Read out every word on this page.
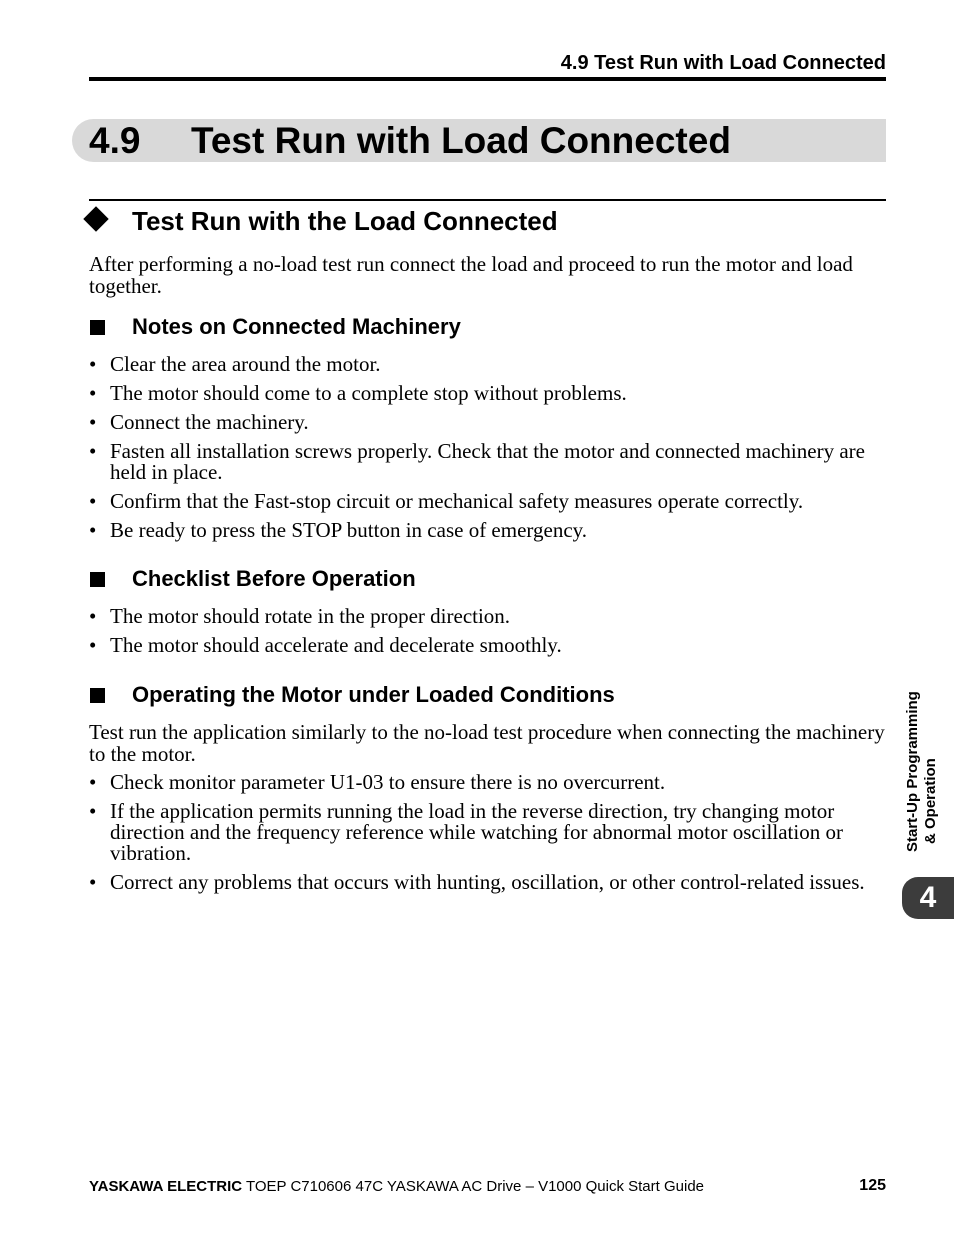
4.9 Test Run with Load Connected
4.9 Test Run with Load Connected
Test Run with the Load Connected

After performing a no-load test run connect the load and proceed to run the motor and load together.

Notes on Connected Machinery
• Clear the area around the motor.
• The motor should come to a complete stop without problems.
• Connect the machinery.
• Fasten all installation screws properly. Check that the motor and connected machinery are held in place.
• Confirm that the Fast-stop circuit or mechanical safety measures operate correctly.
• Be ready to press the STOP button in case of emergency.
Checklist Before Operation
• The motor should rotate in the proper direction.
• The motor should accelerate and decelerate smoothly.
Operating the Motor under Loaded Conditions

Test run the application similarly to the no-load test procedure when connecting the machinery to the motor.

• Check monitor parameter U1-03 to ensure there is no overcurrent.
• If the application permits running the load in the reverse direction, try changing motor direction and the frequency reference while watching for abnormal motor oscillation or vibration.
• Correct any problems that occurs with hunting, oscillation, or other control-related issues.
Start-Up Programming & Operation
4
YASKAWA ELECTRIC TOEP C710606 47C YASKAWA AC Drive – V1000 Quick Start Guide	125
